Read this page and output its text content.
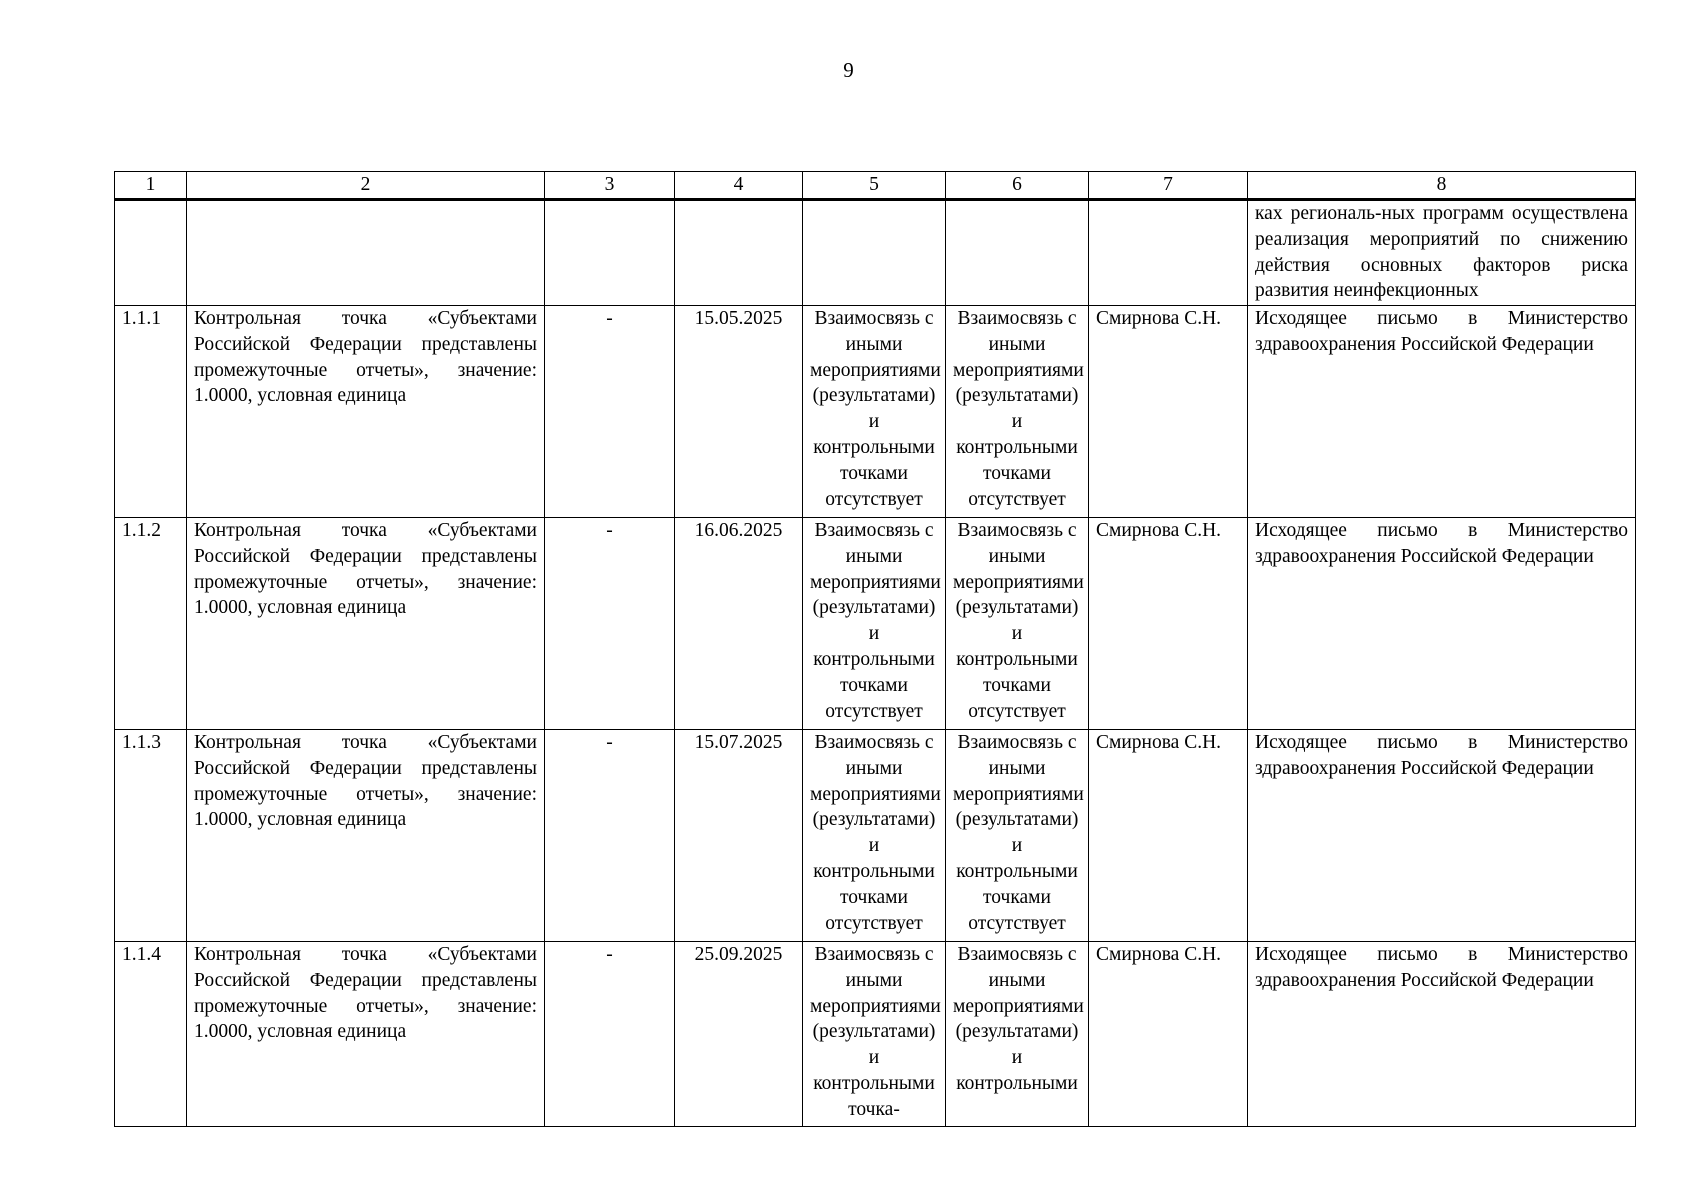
9
1	2	3	4	5	6	7	8
							ках региональ-ных программ осуществлена реализация мероприятий по снижению действия основных факторов риска развития неинфекционных
1.1.1	Контрольная точка «Субъектами Российской Федерации представлены промежуточные отчеты», значение: 1.0000, условная единица	-	15.05.2025	Взаимосвязь с иными мероприятиями (результатами) и контрольными точками отсутствует	Взаимосвязь с иными мероприятиями (результатами) и контрольными точками отсутствует	Смирнова С.Н.	Исходящее письмо в Министерство здравоохранения Российской Федерации
1.1.2	Контрольная точка «Субъектами Российской Федерации представлены промежуточные отчеты», значение: 1.0000, условная единица	-	16.06.2025	Взаимосвязь с иными мероприятиями (результатами) и контрольными точками отсутствует	Взаимосвязь с иными мероприятиями (результатами) и контрольными точками отсутствует	Смирнова С.Н.	Исходящее письмо в Министерство здравоохранения Российской Федерации
1.1.3	Контрольная точка «Субъектами Российской Федерации представлены промежуточные отчеты», значение: 1.0000, условная единица	-	15.07.2025	Взаимосвязь с иными мероприятиями (результатами) и контрольными точками отсутствует	Взаимосвязь с иными мероприятиями (результатами) и контрольными точками отсутствует	Смирнова С.Н.	Исходящее письмо в Министерство здравоохранения Российской Федерации
1.1.4	Контрольная точка «Субъектами Российской Федерации представлены промежуточные отчеты», значение: 1.0000, условная единица	-	25.09.2025	Взаимосвязь с иными мероприятиями (результатами) и контрольными точка-	Взаимосвязь с иными мероприятиями (результатами) и контрольными	Смирнова С.Н.	Исходящее письмо в Министерство здравоохранения Российской Федерации
